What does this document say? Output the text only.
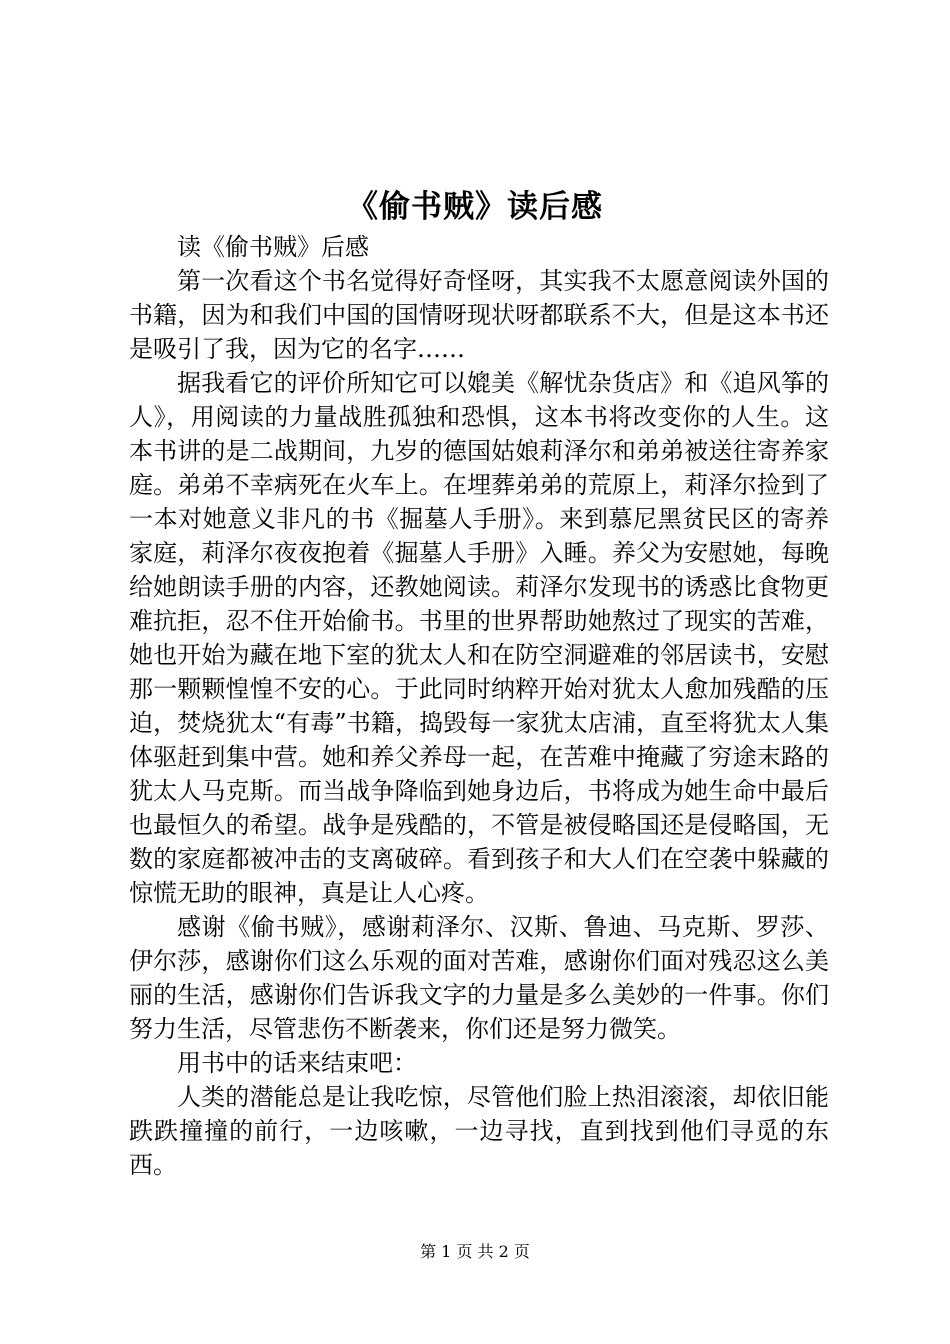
《偷书贼》读后感

读《偷书贼》后感

第一次看这个书名觉得好奇怪呀，其实我不太愿意阅读外国的书籍，因为和我们中国的国情呀现状呀都联系不大，但是这本书还是吸引了我，因为它的名字……

据我看它的评价所知它可以媲美《解忧杂货店》和《追风筝的人》，用阅读的力量战胜孤独和恐惧，这本书将改变你的人生。这本书讲的是二战期间，九岁的德国姑娘莉泽尔和弟弟被送往寄养家庭。弟弟不幸病死在火车上。在埋葬弟弟的荒原上，莉泽尔捡到了一本对她意义非凡的书《掘墓人手册》。来到慕尼黑贫民区的寄养家庭，莉泽尔夜夜抱着《掘墓人手册》入睡。养父为安慰她，每晚给她朗读手册的内容，还教她阅读。莉泽尔发现书的诱惑比食物更难抗拒，忍不住开始偷书。书里的世界帮助她熬过了现实的苦难，她也开始为藏在地下室的犹太人和在防空洞避难的邻居读书，安慰那一颗颗惶惶不安的心。于此同时纳粹开始对犹太人愈加残酷的压迫，焚烧犹太“有毒”书籍，捣毁每一家犹太店浦，直至将犹太人集体驱赶到集中营。她和养父养母一起，在苦难中掩藏了穷途末路的犹太人马克斯。而当战争降临到她身边后，书将成为她生命中最后也最恒久的希望。战争是残酷的，不管是被侵略国还是侵略国，无数的家庭都被冲击的支离破碎。看到孩子和大人们在空袭中躲藏的惊慌无助的眼神，真是让人心疼。

感谢《偷书贼》，感谢莉泽尔、汉斯、鲁迪、马克斯、罗莎、伊尔莎，感谢你们这么乐观的面对苦难，感谢你们面对残忍这么美丽的生活，感谢你们告诉我文字的力量是多么美妙的一件事。你们努力生活，尽管悲伤不断袭来，你们还是努力微笑。

用书中的话来结束吧：

人类的潜能总是让我吃惊，尽管他们脸上热泪滚滚，却依旧能跌跌撞撞的前行，一边咳嗽，一边寻找，直到找到他们寻觅的东西。

第 1 页 共 2 页
